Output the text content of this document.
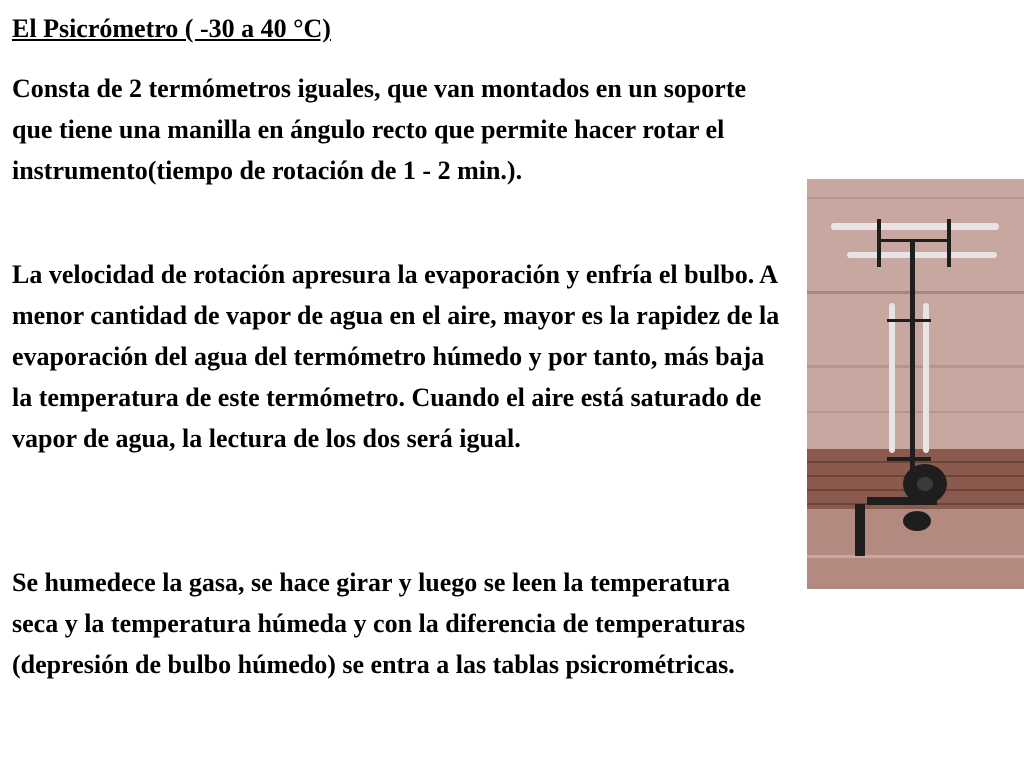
El Psicrómetro ( -30 a 40 °C)

Consta de 2 termómetros iguales, que van montados en un soporte que tiene una manilla en ángulo recto que permite hacer rotar el instrumento(tiempo de rotación de 1 - 2 min.).

La velocidad de rotación apresura la evaporación y enfría el bulbo. A menor cantidad de vapor de agua en el aire, mayor es la rapidez de la evaporación del agua del termómetro húmedo y por tanto, más baja la temperatura de este termómetro. Cuando el aire está saturado de vapor de agua, la lectura de los dos será igual.

Se humedece la gasa, se hace girar y luego se leen la temperatura seca y la temperatura húmeda y con la diferencia de temperaturas (depresión de bulbo húmedo) se entra a las tablas psicrométricas.
